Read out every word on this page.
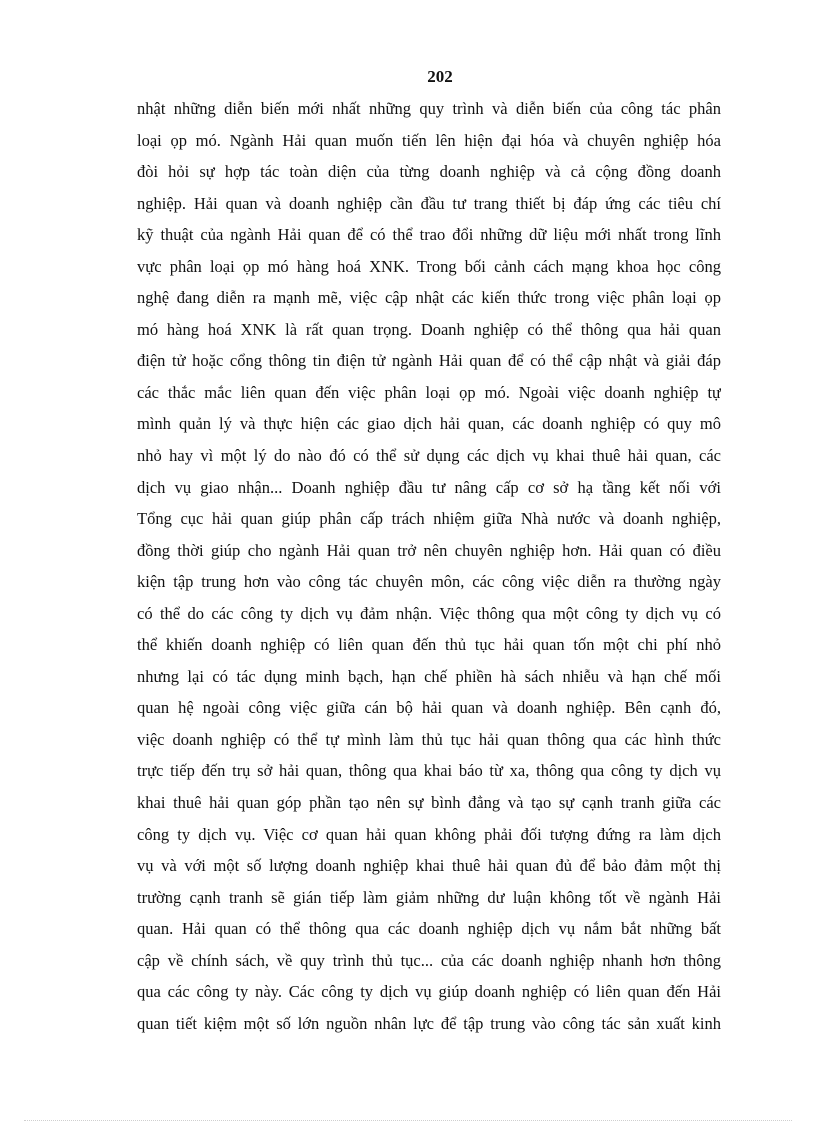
202
nhật những diễn biến mới nhất những quy trình và diễn biến của công tác phân
loại ọp mó. Ngành Hải quan muốn tiến lên hiện đại hóa và chuyên nghiệp hóa
đòi hỏi sự hợp tác toàn diện của từng doanh nghiệp và cả cộng đồng doanh
nghiệp. Hải quan và doanh nghiệp cần đầu tư trang thiết bị đáp ứng các tiêu chí
kỹ thuật của ngành Hải quan để có thể trao đổi những dữ liệu mới nhất trong lĩnh
vực phân loại ọp mó hàng hoá XNK. Trong bối cảnh cách mạng khoa học công
nghệ đang diễn ra mạnh mẽ, việc cập nhật các kiến thức trong việc phân loại ọp
mó hàng hoá XNK là rất quan trọng. Doanh nghiệp có thể thông qua hải quan
điện tử hoặc cổng thông tin điện tử ngành Hải quan để có thể cập nhật và giải đáp
các thắc mắc liên quan đến việc phân loại ọp mó. Ngoài việc doanh nghiệp tự
mình quản lý và thực hiện các giao dịch hải quan, các doanh nghiệp có quy mô
nhỏ hay vì một lý do nào đó có thể sử dụng các dịch vụ khai thuê hải quan, các
dịch vụ giao nhận... Doanh nghiệp đầu tư nâng cấp cơ sở hạ tầng kết nối với
Tổng cục hải quan giúp phân cấp trách nhiệm giữa Nhà nước và doanh nghiệp,
đồng thời giúp cho ngành Hải quan trở nên chuyên nghiệp hơn. Hải quan có điều
kiện tập trung hơn vào công tác chuyên môn, các công việc diễn ra thường ngày
có thể do các công ty dịch vụ đảm nhận. Việc thông qua một công ty dịch vụ có
thể khiến doanh nghiệp có liên quan đến thủ tục hải quan tốn một chi phí nhỏ
nhưng lại có tác dụng minh bạch, hạn chế phiền hà sách nhiễu và hạn chế mối
quan hệ ngoài công việc giữa cán bộ hải quan và doanh nghiệp. Bên cạnh đó,
việc doanh nghiệp có thể tự mình làm thủ tục hải quan thông qua các hình thức
trực tiếp đến trụ sở hải quan, thông qua khai báo từ xa, thông qua công ty dịch vụ
khai thuê hải quan góp phần tạo nên sự bình đẳng và tạo sự cạnh tranh giữa các
công ty dịch vụ. Việc cơ quan hải quan không phải đối tượng đứng ra làm dịch
vụ và với một số lượng doanh nghiệp khai thuê hải quan đủ để bảo đảm một thị
trường cạnh tranh sẽ gián tiếp làm giảm những dư luận không tốt về ngành Hải
quan. Hải quan có thể thông qua các doanh nghiệp dịch vụ nắm bắt những bất
cập về chính sách, về quy trình thủ tục... của các doanh nghiệp nhanh hơn thông
qua các công ty này. Các công ty dịch vụ giúp doanh nghiệp có liên quan đến Hải
quan tiết kiệm một số lớn nguồn nhân lực để tập trung vào công tác sản xuất kinh
